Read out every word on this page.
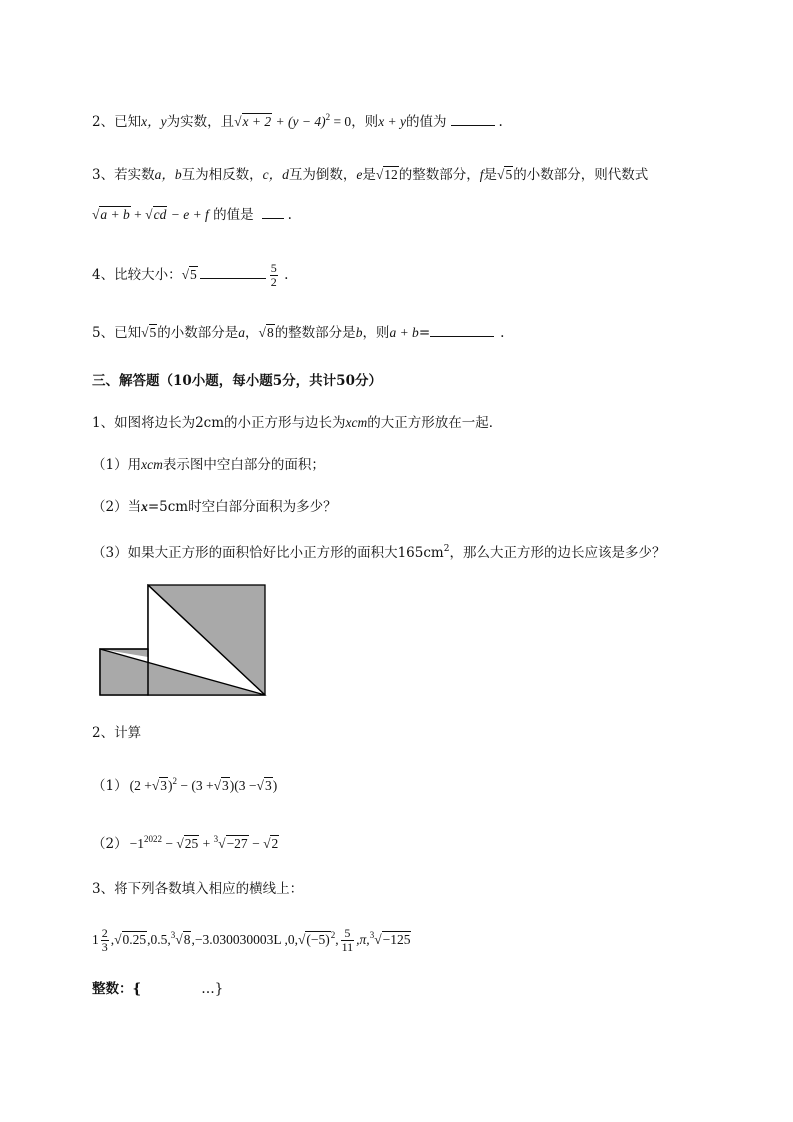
2、已知x，y为实数，且$√x + 2 + (y - 4)^2 = 0$，则x + y的值为	.
3、若实数a，b互为相反数，c，d互为倒数，e是√12的整数部分，f是√5的小数部分，则代数式
√a + b + √cd − e + f 的值是	.
4、比较大小：√5	$\frac{5}{2}$ .
5、已知√5的小数部分是a，√8的整数部分是b，则a + b=	.
三、解答题（10小题，每小题5分，共计50分）
1、如图将边长为2cm的小正方形与边长为xcm的大正方形放在一起．
（1）用xcm表示图中空白部分的面积；
（2）当x=5cm时空白部分面积为多少？
（3）如果大正方形的面积恰好比小正方形的面积大$165cm^2$，那么大正方形的边长应该是多少？
2、计算
（1） $(2 +√3)^2 - (3 +√3)(3 -√3)$
$(2) -1^{2022} - √25 + ^3√-27 - √2$
3、将下列各数填入相应的横线上：
$1 \frac{2}{3} ,√0.25,0.5,^3√8,-3.030030003L$ $,0,√(-5)^2$, $\frac{5}{11} ,\pi,^3√-125$
整数：{	…}
